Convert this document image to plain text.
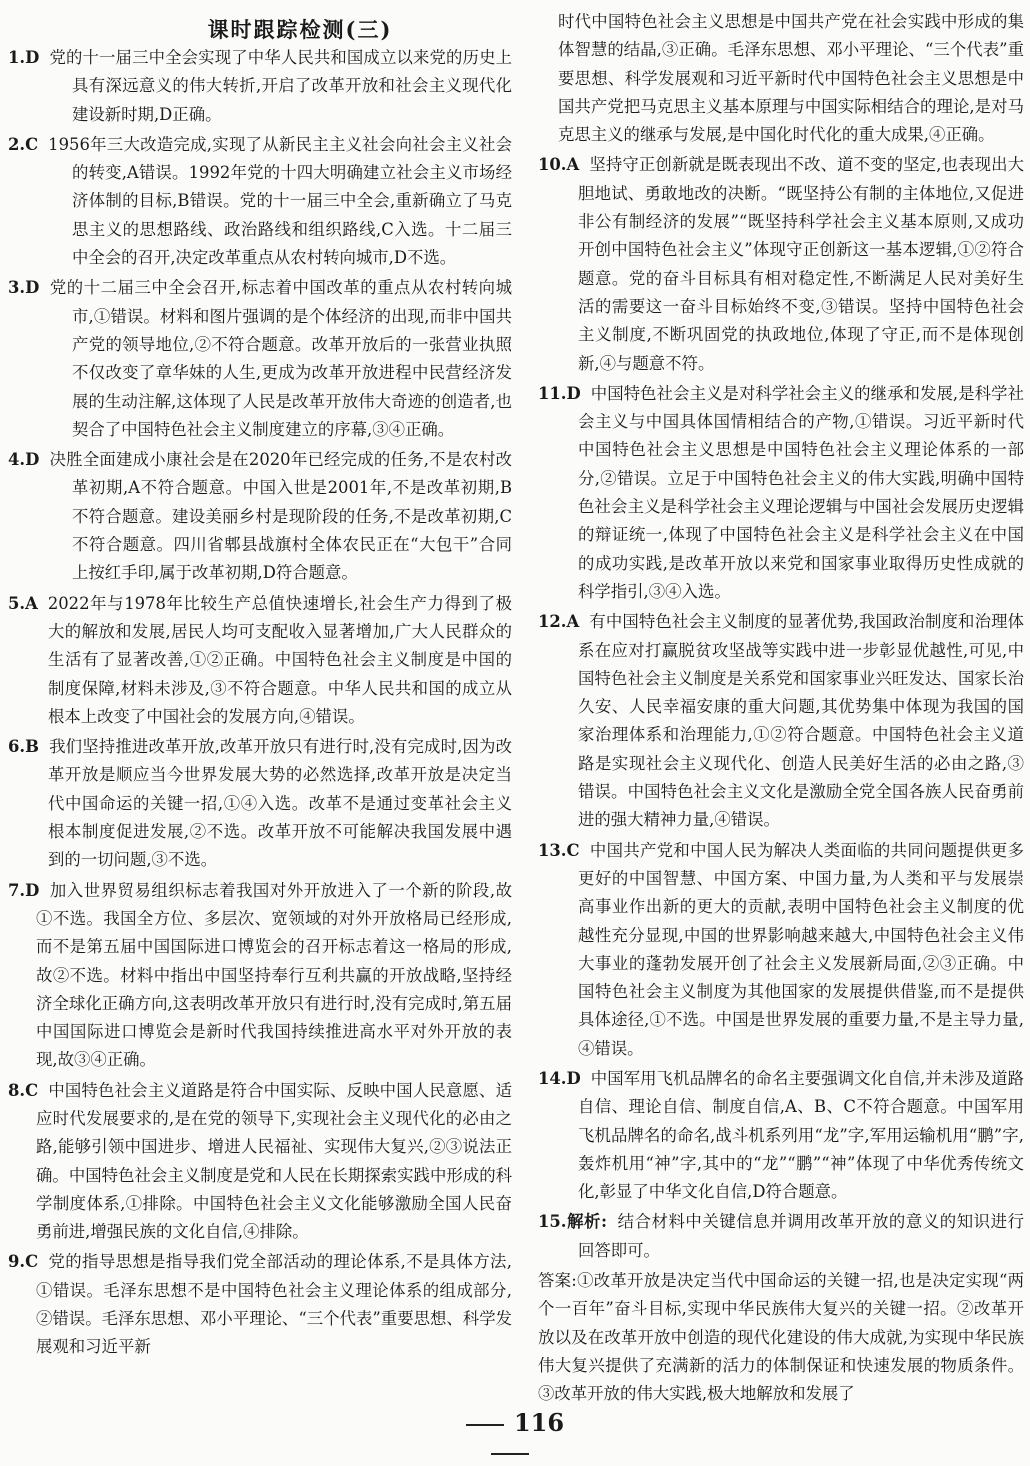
课时跟踪检测(三)

1.D 党的十一届三中全会实现了中华人民共和国成立以来党的历史上具有深远意义的伟大转折,开启了改革开放和社会主义现代化建设新时期,D正确。

2.C 1956年三大改造完成,实现了从新民主主义社会向社会主义社会的转变,A错误。1992年党的十四大明确建立社会主义市场经济体制的目标,B错误。党的十一届三中全会,重新确立了马克思主义的思想路线、政治路线和组织路线,C入选。十二届三中全会的召开,决定改革重点从农村转向城市,D不选。

3.D 党的十二届三中全会召开,标志着中国改革的重点从农村转向城市,①错误。材料和图片强调的是个体经济的出现,而非中国共产党的领导地位,②不符合题意。改革开放后的一张营业执照不仅改变了章华妹的人生,更成为改革开放进程中民营经济发展的生动注解,这体现了人民是改革开放伟大奇迹的创造者,也契合了中国特色社会主义制度建立的序幕,③④正确。

4.D 决胜全面建成小康社会是在2020年已经完成的任务,不是农村改革初期,A不符合题意。中国入世是2001年,不是改革初期,B不符合题意。建设美丽乡村是现阶段的任务,不是改革初期,C不符合题意。四川省郫县战旗村全体农民正在“大包干”合同上按红手印,属于改革初期,D符合题意。

5.A 2022年与1978年比较生产总值快速增长,社会生产力得到了极大的解放和发展,居民人均可支配收入显著增加,广大人民群众的生活有了显著改善,①②正确。中国特色社会主义制度是中国的制度保障,材料未涉及,③不符合题意。中华人民共和国的成立从根本上改变了中国社会的发展方向,④错误。

6.B 我们坚持推进改革开放,改革开放只有进行时,没有完成时,因为改革开放是顺应当今世界发展大势的必然选择,改革开放是决定当代中国命运的关键一招,①④入选。改革不是通过变革社会主义根本制度促进发展,②不选。改革开放不可能解决我国发展中遇到的一切问题,③不选。

7.D 加入世界贸易组织标志着我国对外开放进入了一个新的阶段,故①不选。我国全方位、多层次、宽领域的对外开放格局已经形成,而不是第五届中国国际进口博览会的召开标志着这一格局的形成,故②不选。材料中指出中国坚持奉行互利共赢的开放战略,坚持经济全球化正确方向,这表明改革开放只有进行时,没有完成时,第五届中国国际进口博览会是新时代我国持续推进高水平对外开放的表现,故③④正确。

8.C 中国特色社会主义道路是符合中国实际、反映中国人民意愿、适应时代发展要求的,是在党的领导下,实现社会主义现代化的必由之路,能够引领中国进步、增进人民福祉、实现伟大复兴,②③说法正确。中国特色社会主义制度是党和人民在长期探索实践中形成的科学制度体系,①排除。中国特色社会主义文化能够激励全国人民奋勇前进,增强民族的文化自信,④排除。

9.C 党的指导思想是指导我们党全部活动的理论体系,不是具体方法,①错误。毛泽东思想不是中国特色社会主义理论体系的组成部分,②错误。毛泽东思想、邓小平理论、“三个代表”重要思想、科学发展观和习近平新

时代中国特色社会主义思想是中国共产党在社会实践中形成的集体智慧的结晶,③正确。毛泽东思想、邓小平理论、“三个代表”重要思想、科学发展观和习近平新时代中国特色社会主义思想是中国共产党把马克思主义基本原理与中国实际相结合的理论,是对马克思主义的继承与发展,是中国化时代化的重大成果,④正确。

10.A 坚持守正创新就是既表现出不改、道不变的坚定,也表现出大胆地试、勇敢地改的决断。“既坚持公有制的主体地位,又促进非公有制经济的发展”“既坚持科学社会主义基本原则,又成功开创中国特色社会主义”体现守正创新这一基本逻辑,①②符合题意。党的奋斗目标具有相对稳定性,不断满足人民对美好生活的需要这一奋斗目标始终不变,③错误。坚持中国特色社会主义制度,不断巩固党的执政地位,体现了守正,而不是体现创新,④与题意不符。

11.D 中国特色社会主义是对科学社会主义的继承和发展,是科学社会主义与中国具体国情相结合的产物,①错误。习近平新时代中国特色社会主义思想是中国特色社会主义理论体系的一部分,②错误。立足于中国特色社会主义的伟大实践,明确中国特色社会主义是科学社会主义理论逻辑与中国社会发展历史逻辑的辩证统一,体现了中国特色社会主义是科学社会主义在中国的成功实践,是改革开放以来党和国家事业取得历史性成就的科学指引,③④入选。

12.A 有中国特色社会主义制度的显著优势,我国政治制度和治理体系在应对打赢脱贫攻坚战等实践中进一步彰显优越性,可见,中国特色社会主义制度是关系党和国家事业兴旺发达、国家长治久安、人民幸福安康的重大问题,其优势集中体现为我国的国家治理体系和治理能力,①②符合题意。中国特色社会主义道路是实现社会主义现代化、创造人民美好生活的必由之路,③错误。中国特色社会主义文化是激励全党全国各族人民奋勇前进的强大精神力量,④错误。

13.C 中国共产党和中国人民为解决人类面临的共同问题提供更多更好的中国智慧、中国方案、中国力量,为人类和平与发展崇高事业作出新的更大的贡献,表明中国特色社会主义制度的优越性充分显现,中国的世界影响越来越大,中国特色社会主义伟大事业的蓬勃发展开创了社会主义发展新局面,②③正确。中国特色社会主义制度为其他国家的发展提供借鉴,而不是提供具体途径,①不选。中国是世界发展的重要力量,不是主导力量,④错误。

14.D 中国军用飞机品牌名的命名主要强调文化自信,并未涉及道路自信、理论自信、制度自信,A、B、C不符合题意。中国军用飞机品牌名的命名,战斗机系列用“龙”字,军用运输机用“鹏”字,轰炸机用“神”字,其中的“龙”“鹏”“神”体现了中华优秀传统文化,彰显了中华文化自信,D符合题意。

15.解析: 结合材料中关键信息并调用改革开放的意义的知识进行回答即可。

答案:①改革开放是决定当代中国命运的关键一招,也是决定实现“两个一百年”奋斗目标,实现中华民族伟大复兴的关键一招。②改革开放以及在改革开放中创造的现代化建设的伟大成就,为实现中华民族伟大复兴提供了充满新的活力的体制保证和快速发展的物质条件。③改革开放的伟大实践,极大地解放和发展了

116
